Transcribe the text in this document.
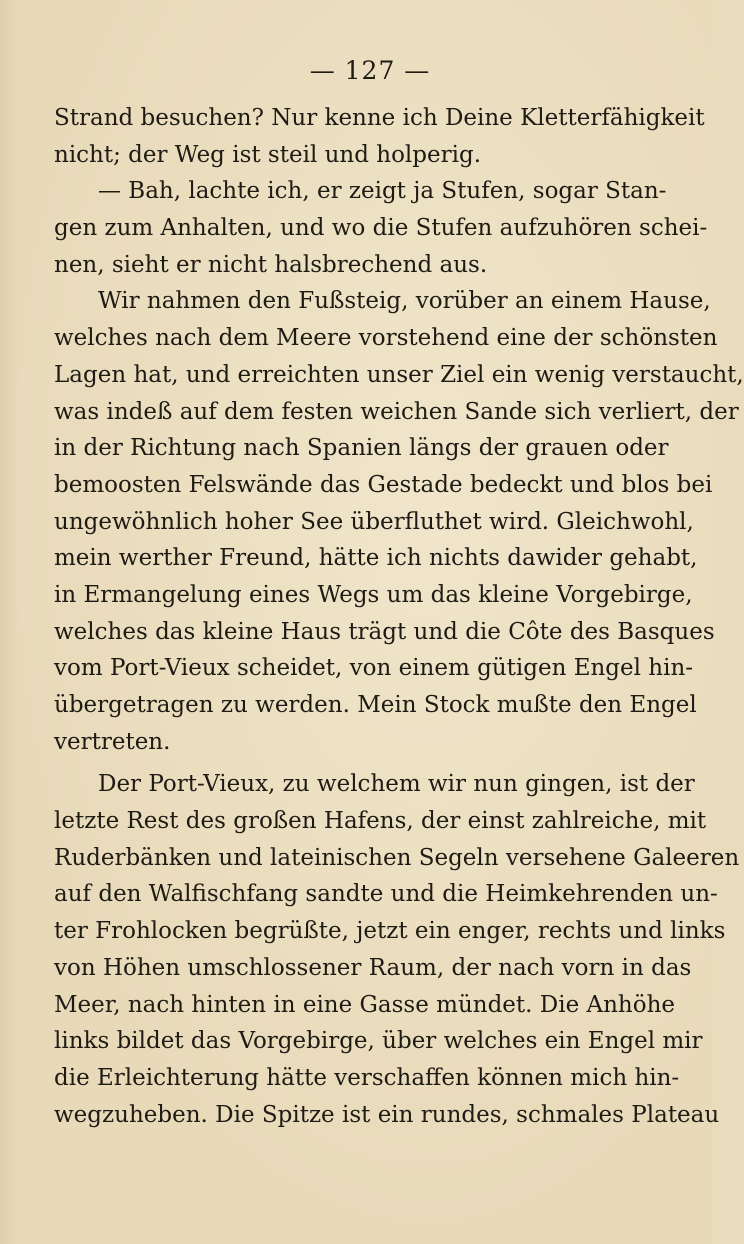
— 127 —
Strand besuchen? Nur kenne ich Deine Kletterfähigkeit
nicht; der Weg ist steil und holperig.
— Bah, lachte ich, er zeigt ja Stufen, sogar Stan-
gen zum Anhalten, und wo die Stufen aufzuhören schei-
nen, sieht er nicht halsbrechend aus.
Wir nahmen den Fußsteig, vorüber an einem Hause,
welches nach dem Meere vorstehend eine der schönsten
Lagen hat, und erreichten unser Ziel ein wenig verstaucht,
was indeß auf dem festen weichen Sande sich verliert, der
in der Richtung nach Spanien längs der grauen oder
bemoosten Felswände das Gestade bedeckt und blos bei
ungewöhnlich hoher See überfluthet wird. Gleichwohl,
mein werther Freund, hätte ich nichts dawider gehabt,
in Ermangelung eines Wegs um das kleine Vorgebirge,
welches das kleine Haus trägt und die Côte des Basques
vom Port-Vieux scheidet, von einem gütigen Engel hin-
übergetragen zu werden. Mein Stock mußte den Engel
vertreten.
Der Port-Vieux, zu welchem wir nun gingen, ist der
letzte Rest des großen Hafens, der einst zahlreiche, mit
Ruderbänken und lateinischen Segeln versehene Galeeren
auf den Walfischfang sandte und die Heimkehrenden un-
ter Frohlocken begrüßte, jetzt ein enger, rechts und links
von Höhen umschlossener Raum, der nach vorn in das
Meer, nach hinten in eine Gasse mündet. Die Anhöhe
links bildet das Vorgebirge, über welches ein Engel mir
die Erleichterung hätte verschaffen können mich hin-
wegzuheben. Die Spitze ist ein rundes, schmales Plateau
